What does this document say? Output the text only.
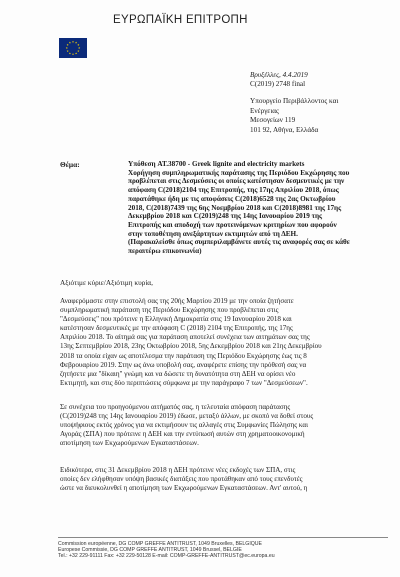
ΕΥΡΩΠΑΪΚΗ ΕΠΙΤΡΟΠΗ
Βρυξέλλες, 4.4.2019
C(2019) 2748 final
Υπουργείο Περιβάλλοντος και
Ενέργειας
Μεσογείων 119
101 92, Αθήνα, Ελλάδα
Θέμα:	Υπόθεση AT.38700 - Greek lignite and electricity markets
Χορήγηση συμπληρωματικής παράτασης της Περιόδου Εκχώρησης που
προβλέπεται στις Δεσμεύσεις οι οποίες κατέστησαν δεσμευτικές με την
απόφαση C(2018)2104 της Επιτροπής, της 17ης Απριλίου 2018, όπως
παρατάθηκε ήδη με τις αποφάσεις C(2018)6528 της 2ας Οκτωβρίου
2018, C(2018)7439 της 6ης Νοεμβρίου 2018 και C(2018)8981 της 17ης
Δεκεμβρίου 2018 και C(2019)248 της 14ης Ιανουαρίου 2019 της
Επιτροπής και αποδοχή των προτεινόμενων κριτηρίων που αφορούν
στην τοποθέτηση ανεξάρτητων εκτιμητών από τη ΔΕΗ.
(Παρακαλείσθε όπως συμπεριλαμβάνετε αυτές τις αναφορές σας σε κάθε
περαιτέρω επικοινωνία)
Αξιότιμε κύριε/Αξιότιμη κυρία,
Αναφερόμαστε στην επιστολή σας της 20ής Μαρτίου 2019 με την οποία ζητήσατε
συμπληρωματική παράταση της Περιόδου Εκχώρησης που προβλέπεται στις
"Δεσμεύσεις" που πρότεινε η Ελληνική Δημοκρατία στις 19 Ιανουαρίου 2018 και
κατέστησαν δεσμευτικές με την απόφαση C (2018) 2104 της Επιτροπής, της 17ης
Απριλίου 2018. Το αίτημά σας για παράταση αποτελεί συνέχεια των αιτημάτων σας της
13ης Σεπτεμβρίου 2018, 23ης Οκτωβρίου 2018, 5ης Δεκεμβρίου 2018 και 21ης Δεκεμβρίου
2018 τα οποία είχαν ως αποτέλεσμα την παράταση της Περιόδου Εκχώρησης έως τις 8
Φεβρουαρίου 2019. Στην ως άνω υποβολή σας, αναφέρετε επίσης την πρόθεσή σας να
ζητήσετε μια "δίκαιη" γνώμη και να δώσετε τη δυνατότητα στη ΔΕΗ να ορίσει νέο
Εκτιμητή, και στις δύο περιπτώσεις σύμφωνα με την παράγραφο 7 των "Δεσμεύσεων".
Σε συνέχεια του προηγούμενου αιτήματός σας, η τελευταία απόφαση παράτασης
(C(2019)248 της 14ης Ιανουαρίου 2019) έδωσε, μεταξύ άλλων, με σκοπό να δοθεί στους
υποψήφιους εκτός χρόνος για να εκτιμήσουν τις αλλαγές στις Συμφωνίες Πώλησης και
Αγοράς (ΣΠΑ) που πρότεινε η ΔΕΗ και την εντύπωσή αυτών στη χρηματοοικονομική
αποτίμηση των Εκχωρούμενων Εγκαταστάσεων.
Ειδικότερα, στις 31 Δεκεμβρίου 2018 η ΔΕΗ πρότεινε νέες εκδοχές των ΣΠΑ, στις
οποίες δεν ελήφθησαν υπόψη βασικές διατάξεις που προτάθηκαν από τους επενδυτές
ώστε να διευκολυνθεί η αποτίμηση των Εκχωρούμενων Εγκαταστάσεων. Αντ' αυτού, η
Commission européenne, DG COMP GREFFE ANTITRUST, 1049 Bruxelles, BELGIQUE
Europese Commissie, DG COMP GREFFE ANTITRUST, 1049 Brussel, BELGIË
Tel.: +32 229-91111 Fax: +32 229-50128 E-mail: COMP-GREFFE-ANTITRUST@ec.europa.eu
